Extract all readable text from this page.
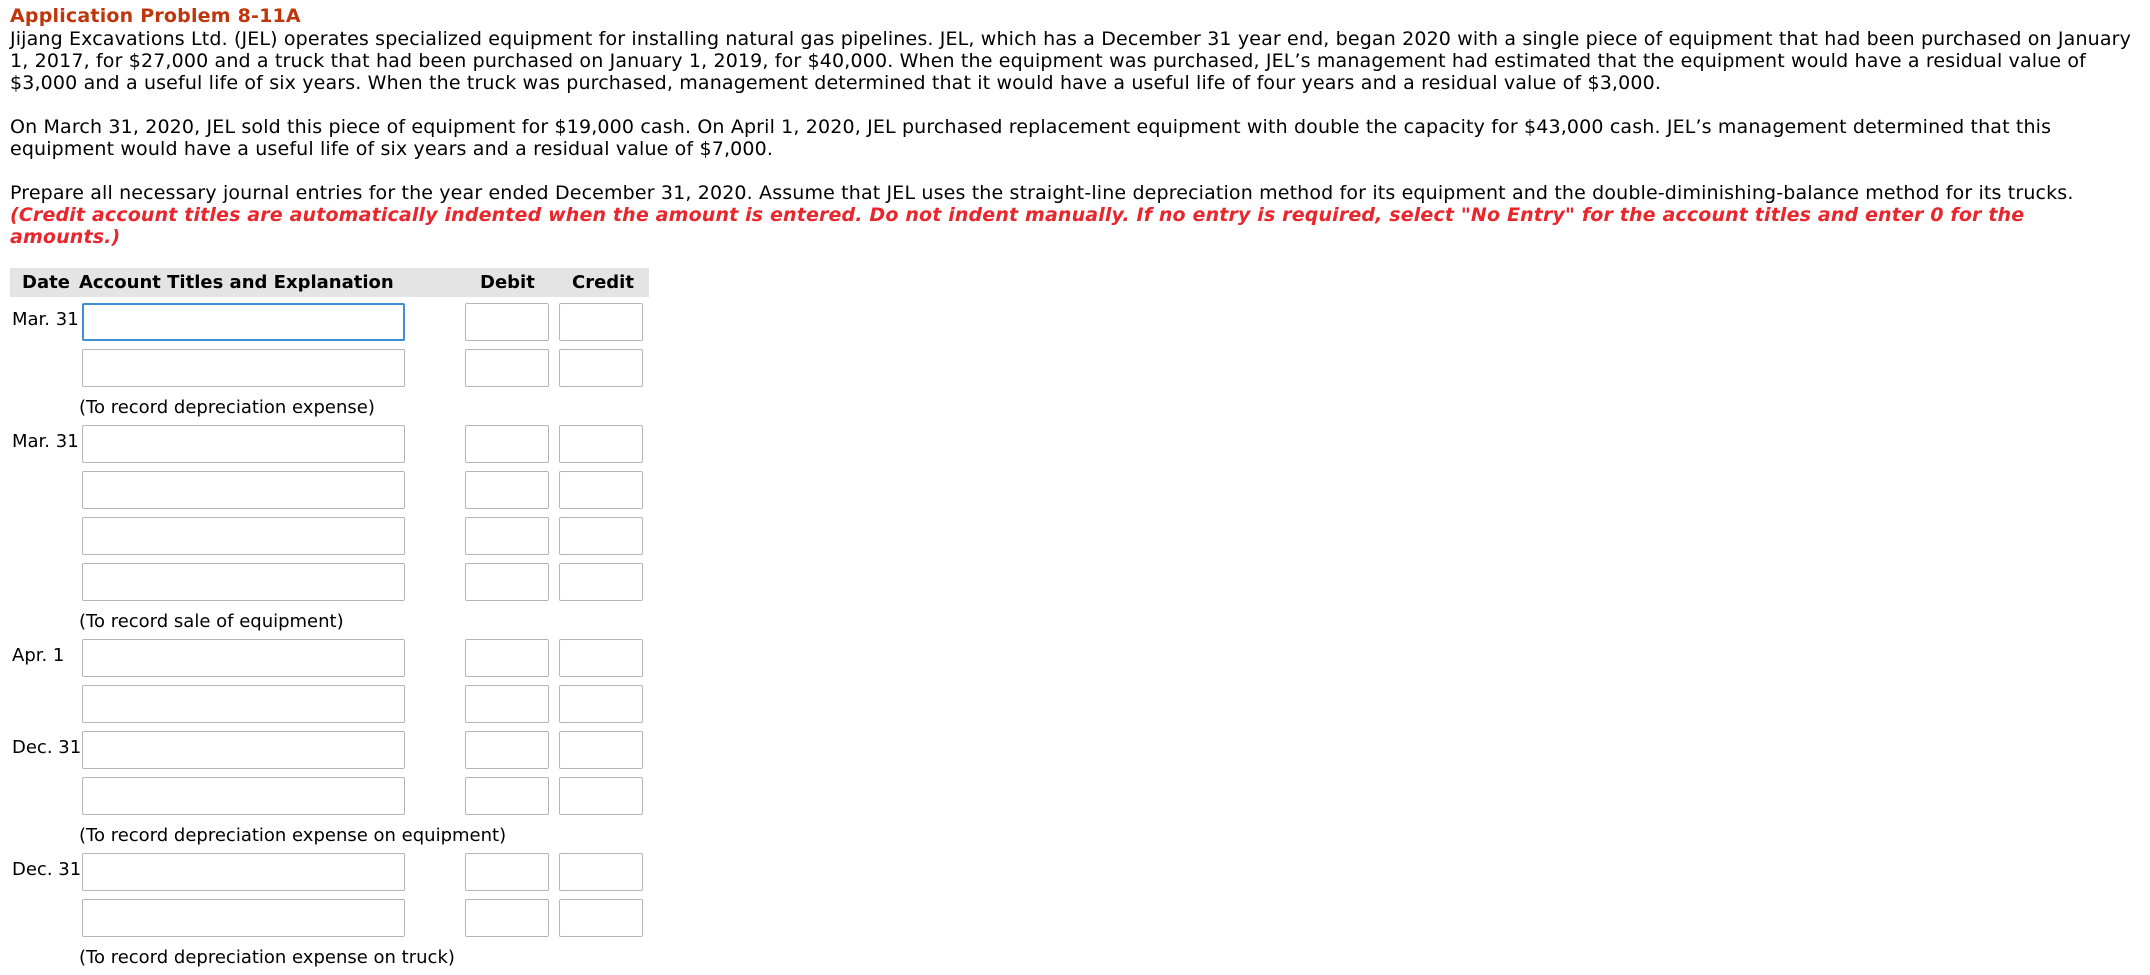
Application Problem 8-11A

Jijang Excavations Ltd. (JEL) operates specialized equipment for installing natural gas pipelines. JEL, which has a December 31 year end, began 2020 with a single piece of equipment that had been purchased on January 1, 2017, for $27,000 and a truck that had been purchased on January 1, 2019, for $40,000. When the equipment was purchased, JEL’s management had estimated that the equipment would have a residual value of $3,000 and a useful life of six years. When the truck was purchased, management determined that it would have a useful life of four years and a residual value of $3,000.

On March 31, 2020, JEL sold this piece of equipment for $19,000 cash. On April 1, 2020, JEL purchased replacement equipment with double the capacity for $43,000 cash. JEL’s management determined that this equipment would have a useful life of six years and a residual value of $7,000.

Prepare all necessary journal entries for the year ended December 31, 2020. Assume that JEL uses the straight-line depreciation method for its equipment and the double-diminishing-balance method for its trucks. (Credit account titles are automatically indented when the amount is entered. Do not indent manually. If no entry is required, select "No Entry" for the account titles and enter 0 for the amounts.)

Date Account Titles and Explanation	Debit Credit
Mar. 31
(To record depreciation expense)
Mar. 31
(To record sale of equipment)
Apr. 1
Dec. 31
(To record depreciation expense on equipment)
Dec. 31
(To record depreciation expense on truck)
